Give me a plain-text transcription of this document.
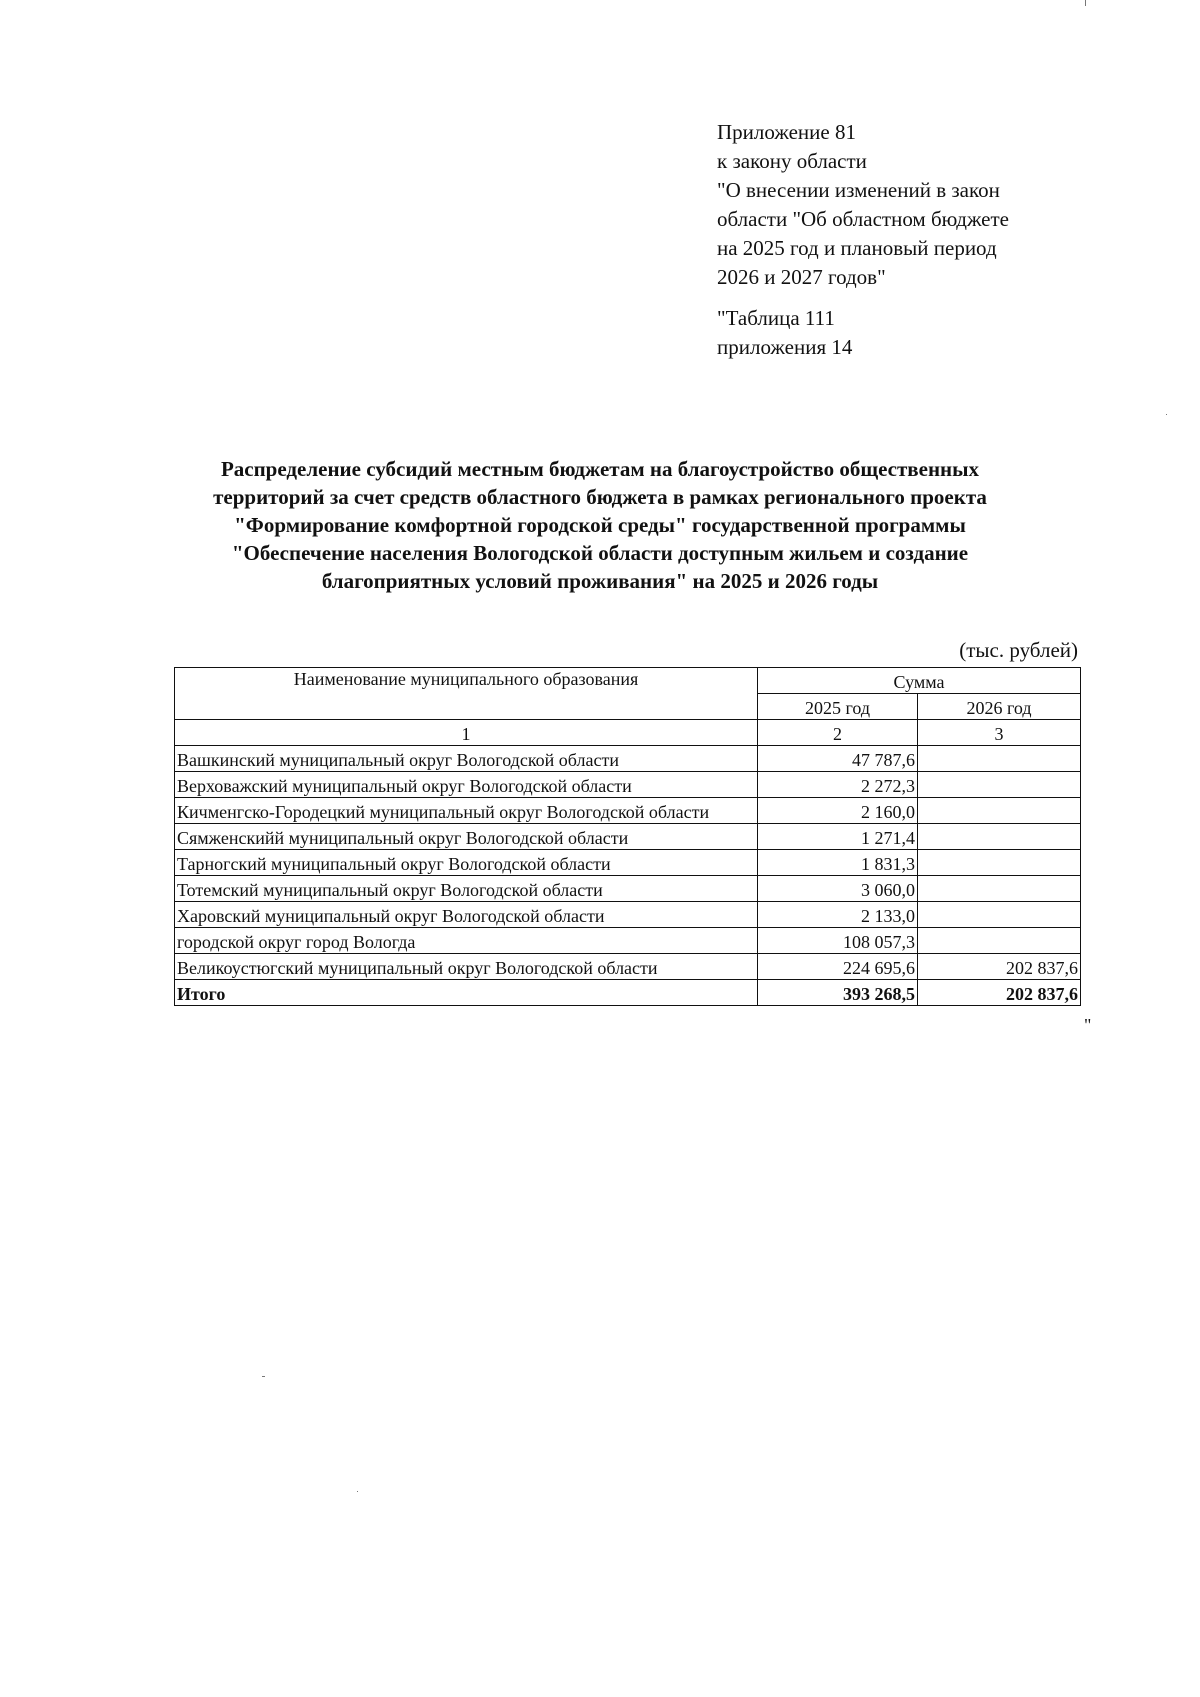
Приложение 81
к закону области
"О внесении изменений в закон
области "Об областном бюджете
на 2025 год и плановый период
2026 и 2027 годов"
"Таблица 111
приложения 14
Распределение субсидий местным бюджетам на благоустройство общественных
территорий за счет средств областного бюджета в рамках регионального проекта
"Формирование комфортной городской среды" государственной программы
"Обеспечение населения Вологодской области доступным жильем и создание
благоприятных условий проживания" на 2025 и 2026 годы
(тыс. рублей)
Наименование муниципального образования	Сумма	
	2025 год	2026 год
1	2	3
Вашкинский муниципальный округ Вологодской области	47 787,6	
Верховажский муниципальный округ Вологодской области	2 272,3	
Кичменгско-Городецкий муниципальный округ Вологодской области	2 160,0	
Сямженскийй муниципальный округ Вологодской области	1 271,4	
Тарногский муниципальный округ Вологодской области	1 831,3	
Тотемский муниципальный округ Вологодской области	3 060,0	
Харовский муниципальный округ Вологодской области	2 133,0	
городской округ город Вологда	108 057,3	
Великоустюгский муниципальный округ Вологодской области	224 695,6	202 837,6
Итого	393 268,5	202 837,6
"
